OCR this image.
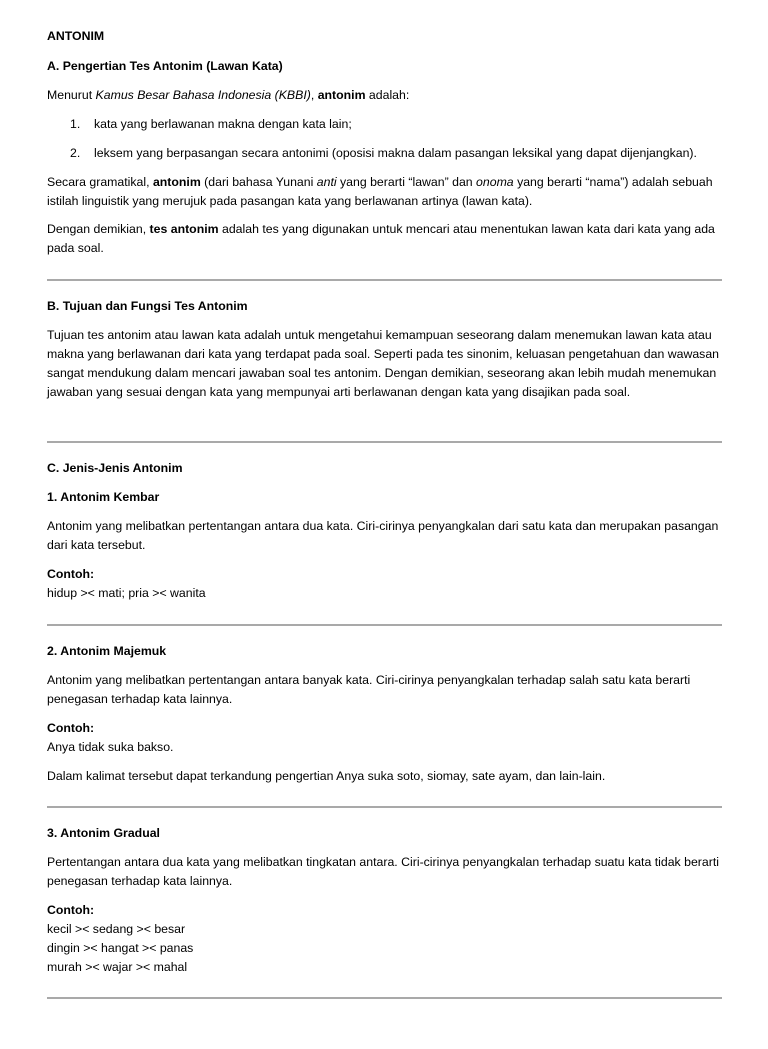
ANTONIM
A. Pengertian Tes Antonim (Lawan Kata)

Menurut Kamus Besar Bahasa Indonesia (KBBI), antonim adalah:

1. kata yang berlawanan makna dengan kata lain;
2. leksem yang berpasangan secara antonimi (oposisi makna dalam pasangan leksikal yang dapat dijenjangkan).

Secara gramatikal, antonim (dari bahasa Yunani anti yang berarti “lawan” dan onoma yang berarti “nama”) adalah sebuah istilah linguistik yang merujuk pada pasangan kata yang berlawanan artinya (lawan kata).

Dengan demikian, tes antonim adalah tes yang digunakan untuk mencari atau menentukan lawan kata dari kata yang ada pada soal.

B. Tujuan dan Fungsi Tes Antonim

Tujuan tes antonim atau lawan kata adalah untuk mengetahui kemampuan seseorang dalam menemukan lawan kata atau makna yang berlawanan dari kata yang terdapat pada soal. Seperti pada tes sinonim, keluasan pengetahuan dan wawasan sangat mendukung dalam mencari jawaban soal tes antonim. Dengan demikian, seseorang akan lebih mudah menemukan jawaban yang sesuai dengan kata yang mempunyai arti berlawanan dengan kata yang disajikan pada soal.

C. Jenis-Jenis Antonim
1. Antonim Kembar

Antonim yang melibatkan pertentangan antara dua kata. Ciri-cirinya penyangkalan dari satu kata dan merupakan pasangan dari kata tersebut.

Contoh:
hidup >< mati; pria >< wanita
2. Antonim Majemuk

Antonim yang melibatkan pertentangan antara banyak kata. Ciri-cirinya penyangkalan terhadap salah satu kata berarti penegasan terhadap kata lainnya.

Contoh:
Anya tidak suka bakso.

Dalam kalimat tersebut dapat terkandung pengertian Anya suka soto, siomay, sate ayam, dan lain-lain.

3. Antonim Gradual

Pertentangan antara dua kata yang melibatkan tingkatan antara. Ciri-cirinya penyangkalan terhadap suatu kata tidak berarti penegasan terhadap kata lainnya.

Contoh:
kecil >< sedang >< besar
dingin >< hangat >< panas
murah >< wajar >< mahal
